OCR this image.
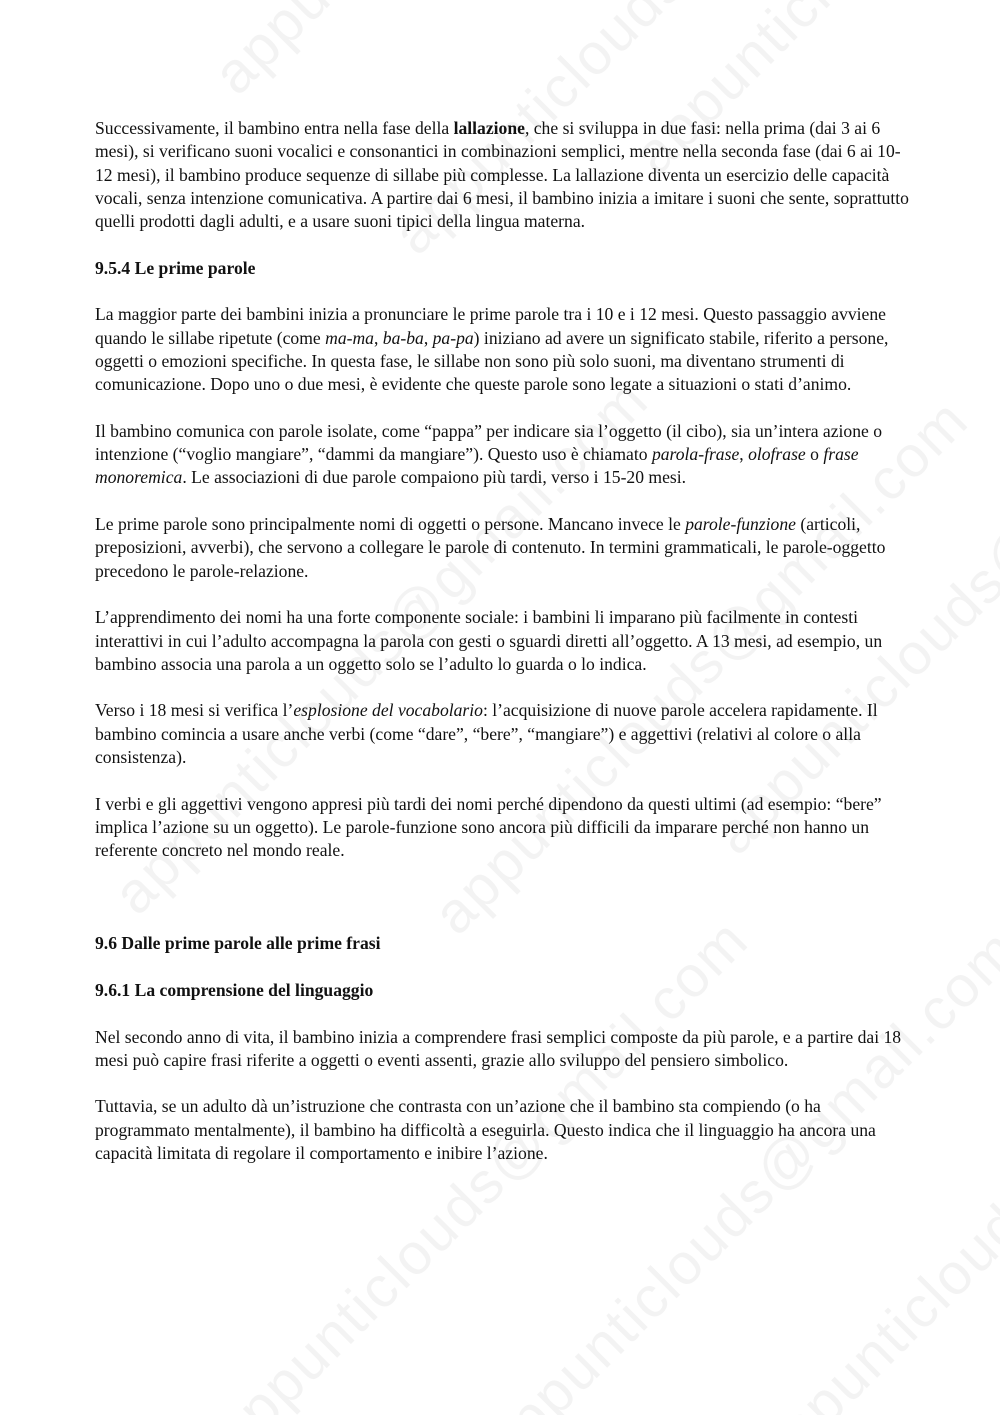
Successivamente, il bambino entra nella fase della lallazione, che si sviluppa in due fasi: nella prima (dai 3 ai 6 mesi), si verificano suoni vocalici e consonantici in combinazioni semplici, mentre nella seconda fase (dai 6 ai 10-12 mesi), il bambino produce sequenze di sillabe più complesse. La lallazione diventa un esercizio delle capacità vocali, senza intenzione comunicativa. A partire dai 6 mesi, il bambino inizia a imitare i suoni che sente, soprattutto quelli prodotti dagli adulti, e a usare suoni tipici della lingua materna.

9.5.4 Le prime parole

La maggior parte dei bambini inizia a pronunciare le prime parole tra i 10 e i 12 mesi. Questo passaggio avviene quando le sillabe ripetute (come ma-ma, ba-ba, pa-pa) iniziano ad avere un significato stabile, riferito a persone, oggetti o emozioni specifiche. In questa fase, le sillabe non sono più solo suoni, ma diventano strumenti di comunicazione. Dopo uno o due mesi, è evidente che queste parole sono legate a situazioni o stati d’animo.

Il bambino comunica con parole isolate, come “pappa” per indicare sia l’oggetto (il cibo), sia un’intera azione o intenzione (“voglio mangiare”, “dammi da mangiare”). Questo uso è chiamato parola-frase, olofrase o frase monoremica. Le associazioni di due parole compaiono più tardi, verso i 15-20 mesi.

Le prime parole sono principalmente nomi di oggetti o persone. Mancano invece le parole-funzione (articoli, preposizioni, avverbi), che servono a collegare le parole di contenuto. In termini grammaticali, le parole-oggetto precedono le parole-relazione.

L’apprendimento dei nomi ha una forte componente sociale: i bambini li imparano più facilmente in contesti interattivi in cui l’adulto accompagna la parola con gesti o sguardi diretti all’oggetto. A 13 mesi, ad esempio, un bambino associa una parola a un oggetto solo se l’adulto lo guarda o lo indica.

Verso i 18 mesi si verifica l’esplosione del vocabolario: l’acquisizione di nuove parole accelera rapidamente. Il bambino comincia a usare anche verbi (come “dare”, “bere”, “mangiare”) e aggettivi (relativi al colore o alla consistenza).

I verbi e gli aggettivi vengono appresi più tardi dei nomi perché dipendono da questi ultimi (ad esempio: “bere” implica l’azione su un oggetto). Le parole-funzione sono ancora più difficili da imparare perché non hanno un referente concreto nel mondo reale.

9.6 Dalle prime parole alle prime frasi
9.6.1 La comprensione del linguaggio

Nel secondo anno di vita, il bambino inizia a comprendere frasi semplici composte da più parole, e a partire dai 18 mesi può capire frasi riferite a oggetti o eventi assenti, grazie allo sviluppo del pensiero simbolico.

Tuttavia, se un adulto dà un’istruzione che contrasta con un’azione che il bambino sta compiendo (o ha programmato mentalmente), il bambino ha difficoltà a eseguirla. Questo indica che il linguaggio ha ancora una capacità limitata di regolare il comportamento e inibire l’azione.
